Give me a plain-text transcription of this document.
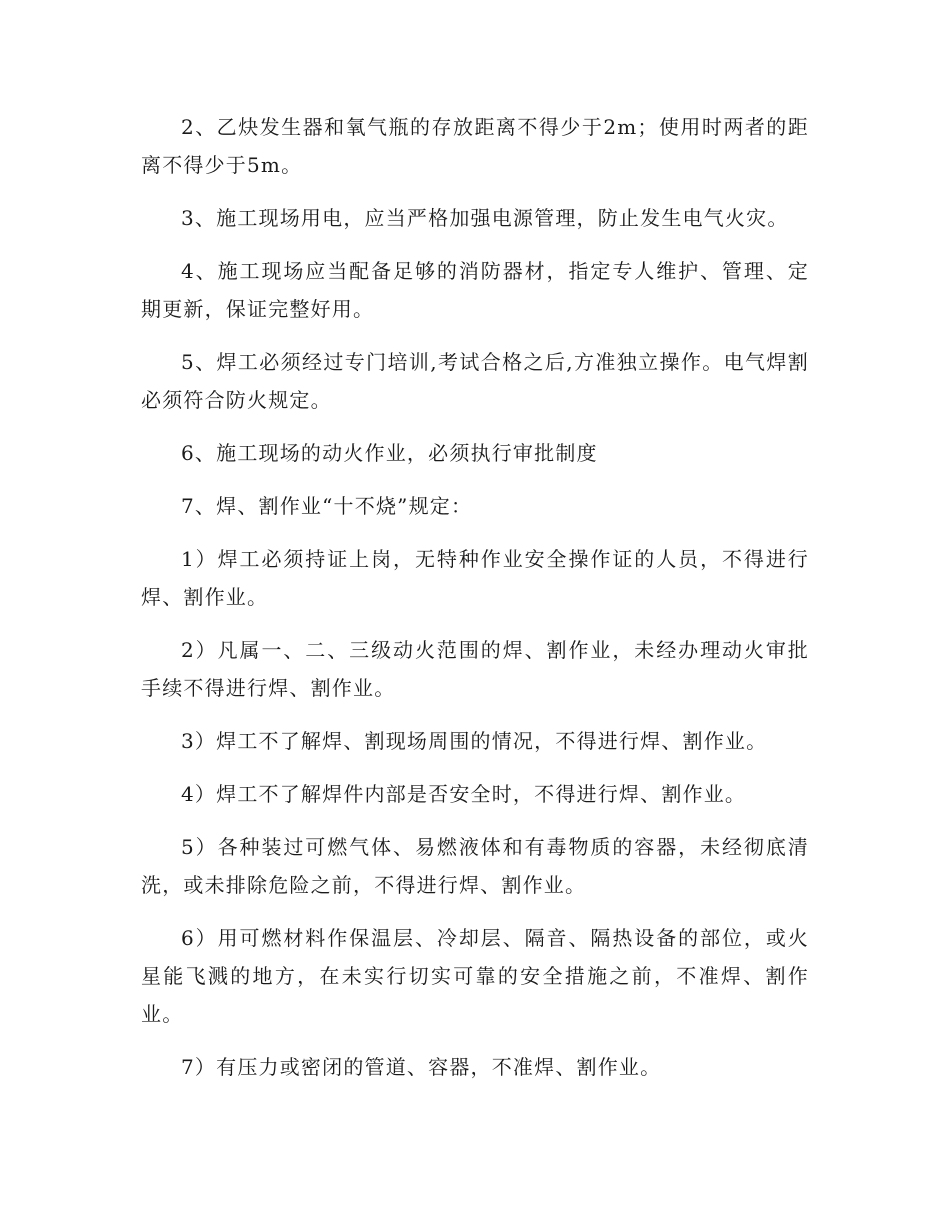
2、乙炔发生器和氧气瓶的存放距离不得少于2m；使用时两者的距离不得少于5m。

3、施工现场用电，应当严格加强电源管理，防止发生电气火灾。

4、施工现场应当配备足够的消防器材，指定专人维护、管理、定期更新，保证完整好用。

5、焊工必须经过专门培训,考试合格之后,方准独立操作。电气焊割必须符合防火规定。

6、施工现场的动火作业，必须执行审批制度

7、焊、割作业“十不烧”规定：

1）焊工必须持证上岗，无特种作业安全操作证的人员，不得进行焊、割作业。

2）凡属一、二、三级动火范围的焊、割作业，未经办理动火审批手续不得进行焊、割作业。

3）焊工不了解焊、割现场周围的情况，不得进行焊、割作业。

4）焊工不了解焊件内部是否安全时，不得进行焊、割作业。

5）各种装过可燃气体、易燃液体和有毒物质的容器，未经彻底清洗，或未排除危险之前，不得进行焊、割作业。

6）用可燃材料作保温层、冷却层、隔音、隔热设备的部位，或火星能飞溅的地方，在未实行切实可靠的安全措施之前，不准焊、割作业。

7）有压力或密闭的管道、容器，不准焊、割作业。
